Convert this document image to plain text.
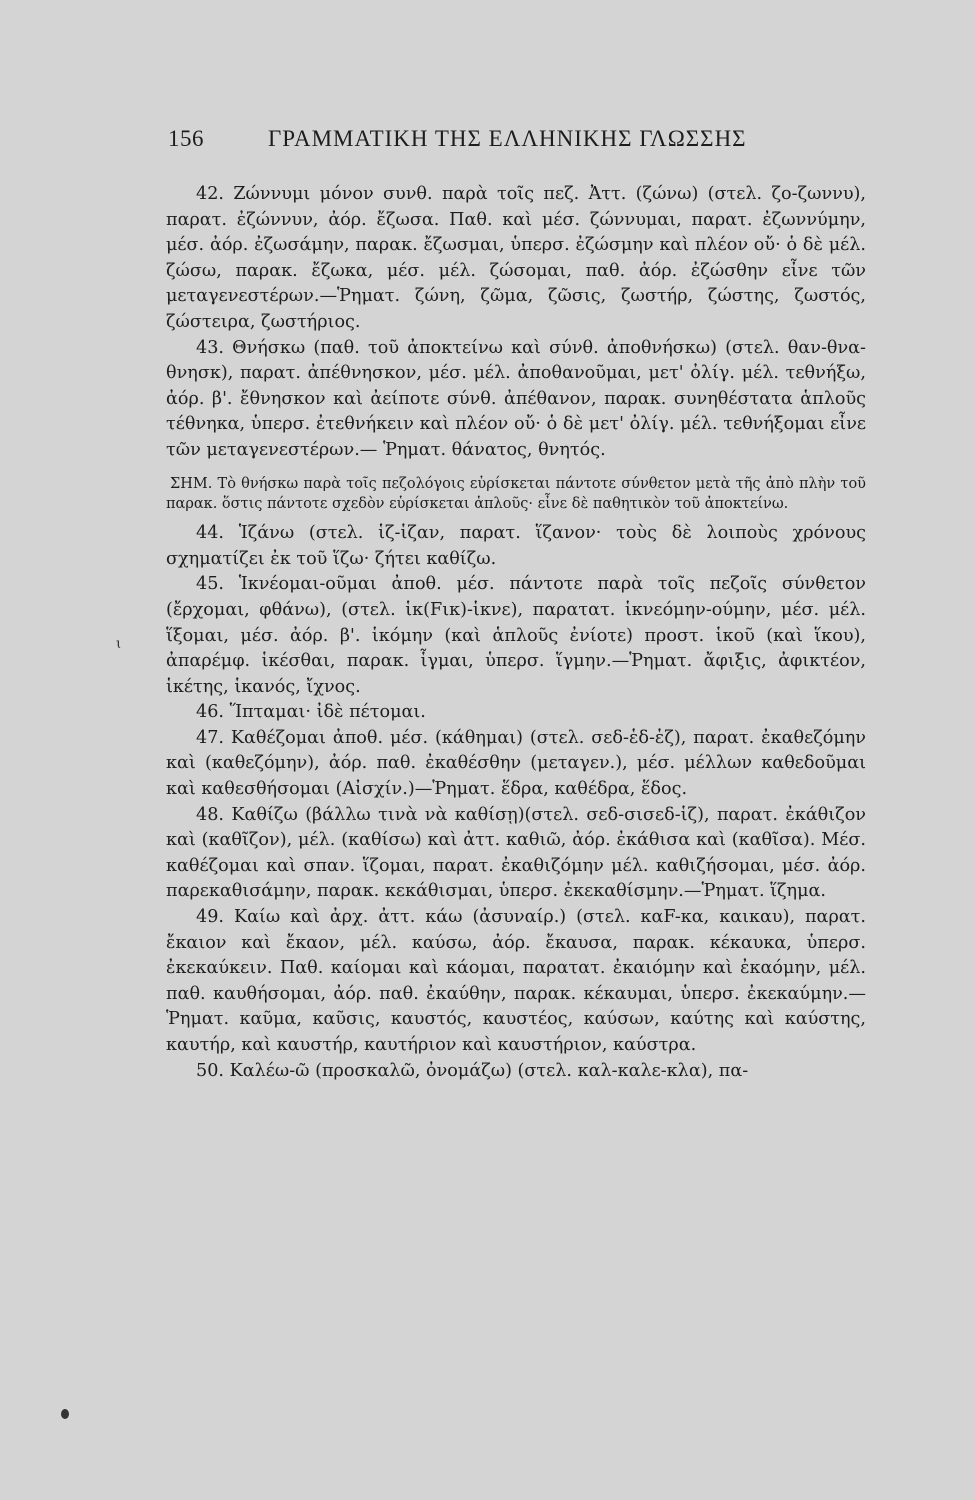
156	ΓΡΑΜΜΑΤΙΚΗ ΤΗΣ ΕΛΛΗΝΙΚΗΣ ΓΛΩΣΣΗΣ
ɩ

42. Ζώννυμι μόνον συνθ. παρὰ τοῖς πεζ. Ἀττ. (ζώνω) (στελ. ζο-ζωννυ), παρατ. ἐζώννυν, ἀόρ. ἔζωσα. Παθ. καὶ μέσ. ζώννυμαι, παρατ. ἐζωννύμην, μέσ. ἀόρ. ἐζωσάμην, παρακ. ἔζωσμαι, ὑπερσ. ἐζώσμην καὶ πλέον οὔ· ὁ δὲ μέλ. ζώσω, παρακ. ἔζωκα, μέσ. μέλ. ζώσομαι, παθ. ἀόρ. ἐζώσθην εἶνε τῶν μεταγενεστέρων.—Ῥηματ. ζώνη, ζῶμα, ζῶσις, ζωστήρ, ζώστης, ζωστός, ζώστειρα, ζωστήριος.

43. Θνήσκω (παθ. τοῦ ἀποκτείνω καὶ σύνθ. ἀποθνήσκω) (στελ. θαν-θνα-θνησκ), παρατ. ἀπέθνησκον, μέσ. μέλ. ἀποθανοῦμαι, μετ' ὀλίγ. μέλ. τεθνήξω, ἀόρ. β'. ἔθνησκον καὶ ἀείποτε σύνθ. ἀπέθανον, παρακ. συνηθέστατα ἁπλοῦς τέθνηκα, ὑπερσ. ἐτεθνήκειν καὶ πλέον οὔ· ὁ δὲ μετ' ὀλίγ. μέλ. τεθνήξομαι εἶνε τῶν μεταγενεστέρων.— Ῥηματ. θάνατος, θνητός.

ΣΗΜ. Τὸ θνήσκω παρὰ τοῖς πεζολόγοις εὑρίσκεται πάντοτε σύνθετον μετὰ τῆς ἀπὸ πλὴν τοῦ παρακ. ὅστις πάντοτε σχεδὸν εὑρίσκεται ἁπλοῦς· εἶνε δὲ παθητικὸν τοῦ ἀποκτείνω.

44. Ἱζάνω (στελ. ἱζ-ἱζαν, παρατ. ἵζανον· τοὺς δὲ λοιποὺς χρόνους σχηματίζει ἐκ τοῦ ἵζω· ζήτει καθίζω.

45. Ἱκνέομαι-οῦμαι ἀποθ. μέσ. πάντοτε παρὰ τοῖς πεζοῖς σύνθετον (ἔρχομαι, φθάνω), (στελ. ἱκ(Fικ)-ἱκνε), παρατατ. ἱκνεόμην-ούμην, μέσ. μέλ. ἵξομαι, μέσ. ἀόρ. β'. ἱκόμην (καὶ ἁπλοῦς ἐνίοτε) προστ. ἱκοῦ (καὶ ἵκου), ἀπαρέμφ. ἱκέσθαι, παρακ. ἷγμαι, ὑπερσ. ἵγμην.—Ῥηματ. ἄφιξις, ἀφικτέον, ἱκέτης, ἱκανός, ἴχνος.

46. Ἵπταμαι· ἰδὲ πέτομαι.

47. Καθέζομαι ἀποθ. μέσ. (κάθημαι) (στελ. σεδ-ἑδ-ἑζ), παρατ. ἐκαθεζόμην καὶ (καθεζόμην), ἀόρ. παθ. ἐκαθέσθην (μεταγεν.), μέσ. μέλλων καθεδοῦμαι καὶ καθεσθήσομαι (Αἰσχίν.)—Ῥηματ. ἕδρα, καθέδρα, ἕδος.

48. Καθίζω (βάλλω τινὰ νὰ καθίσῃ)(στελ. σεδ-σισεδ-ἱζ), παρατ. ἐκάθιζον καὶ (καθῖζον), μέλ. (καθίσω) καὶ ἀττ. καθιῶ, ἀόρ. ἐκάθισα καὶ (καθῖσα). Μέσ. καθέζομαι καὶ σπαν. ἵζομαι, παρατ. ἐκαθιζόμην μέλ. καθιζήσομαι, μέσ. ἀόρ. παρεκαθισάμην, παρακ. κεκάθισμαι, ὑπερσ. ἐκεκαθίσμην.—Ῥηματ. ἵζημα.

49. Καίω καὶ ἀρχ. ἀττ. κάω (ἀσυναίρ.) (στελ. καF-κα, καικαυ), παρατ. ἔκαιον καὶ ἔκαον, μέλ. καύσω, ἀόρ. ἔκαυσα, παρακ. κέκαυκα, ὑπερσ. ἐκεκαύκειν. Παθ. καίομαι καὶ κάομαι, παρατατ. ἐκαιόμην καὶ ἐκαόμην, μέλ. παθ. καυθήσομαι, ἀόρ. παθ. ἐκαύθην, παρακ. κέκαυμαι, ὑπερσ. ἐκεκαύμην.— Ῥηματ. καῦμα, καῦσις, καυστός, καυστέος, καύσων, καύτης καὶ καύστης, καυτήρ, καὶ καυστήρ, καυτήριον καὶ καυστήριον, καύστρα.

50. Καλέω-ῶ (προσκαλῶ, ὀνομάζω) (στελ. καλ-καλε-κλα), πα-
